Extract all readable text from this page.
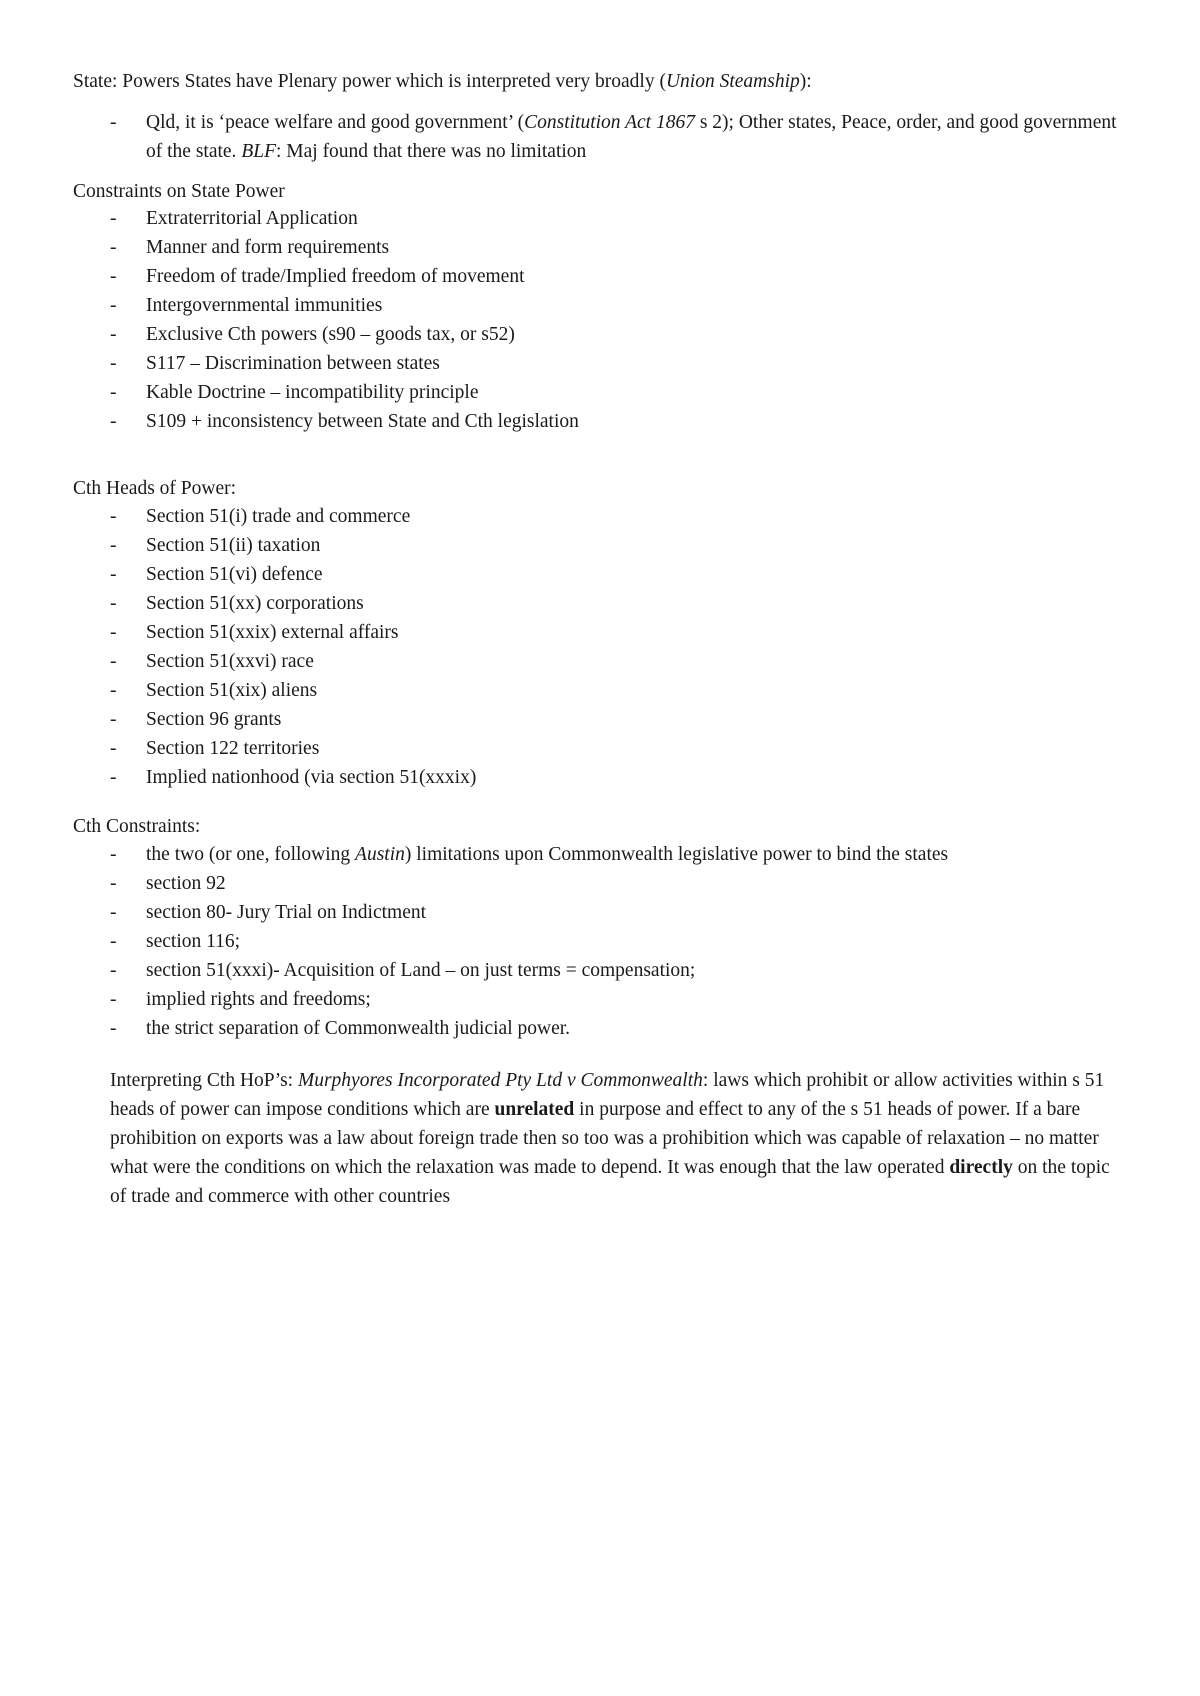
State: Powers States have Plenary power which is interpreted very broadly (Union Steamship):

- Qld, it is ‘peace welfare and good government’ (Constitution Act 1867 s 2); Other states, Peace, order, and good government of the state. BLF: Maj found that there was no limitation

Constraints on State Power

- Extraterritorial Application
- Manner and form requirements
- Freedom of trade/Implied freedom of movement
- Intergovernmental immunities
- Exclusive Cth powers (s90 – goods tax, or s52)
- S117 – Discrimination between states
- Kable Doctrine – incompatibility principle
- S109 + inconsistency between State and Cth legislation

Cth Heads of Power:

- Section 51(i) trade and commerce
- Section 51(ii) taxation
- Section 51(vi) defence
- Section 51(xx) corporations
- Section 51(xxix) external affairs
- Section 51(xxvi) race
- Section 51(xix) aliens
- Section 96 grants
- Section 122 territories
- Implied nationhood (via section 51(xxxix)

Cth Constraints:

- the two (or one, following Austin) limitations upon Commonwealth legislative power to bind the states
- section 92
- section 80- Jury Trial on Indictment
- section 116;
- section 51(xxxi)- Acquisition of Land – on just terms = compensation;
- implied rights and freedoms;
- the strict separation of Commonwealth judicial power.

Interpreting Cth HoP’s: Murphyores Incorporated Pty Ltd v Commonwealth: laws which prohibit or allow activities within s 51 heads of power can impose conditions which are unrelated in purpose and effect to any of the s 51 heads of power. If a bare prohibition on exports was a law about foreign trade then so too was a prohibition which was capable of relaxation – no matter what were the conditions on which the relaxation was made to depend. It was enough that the law operated directly on the topic of trade and commerce with other countries
